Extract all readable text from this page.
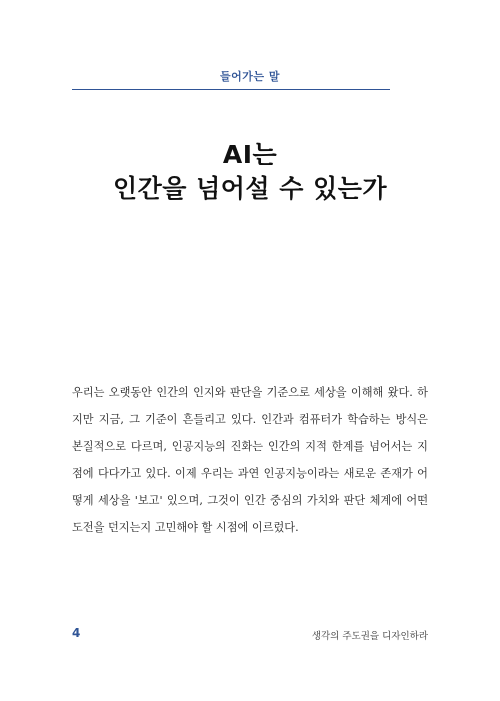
들어가는 말
AI는
인간을 넘어설 수 있는가

우리는 오랫동안 인간의 인지와 판단을 기준으로 세상을 이해해 왔다. 하지만 지금, 그 기준이 흔들리고 있다. 인간과 컴퓨터가 학습하는 방식은 본질적으로 다르며, 인공지능의 진화는 인간의 지적 한계를 넘어서는 지점에 다다가고 있다. 이제 우리는 과연 인공지능이라는 새로운 존재가 어떻게 세상을 '보고' 있으며, 그것이 인간 중심의 가치와 판단 체계에 어떤 도전을 던지는지 고민해야 할 시점에 이르렀다.

4	생각의 주도권을 디자인하라
